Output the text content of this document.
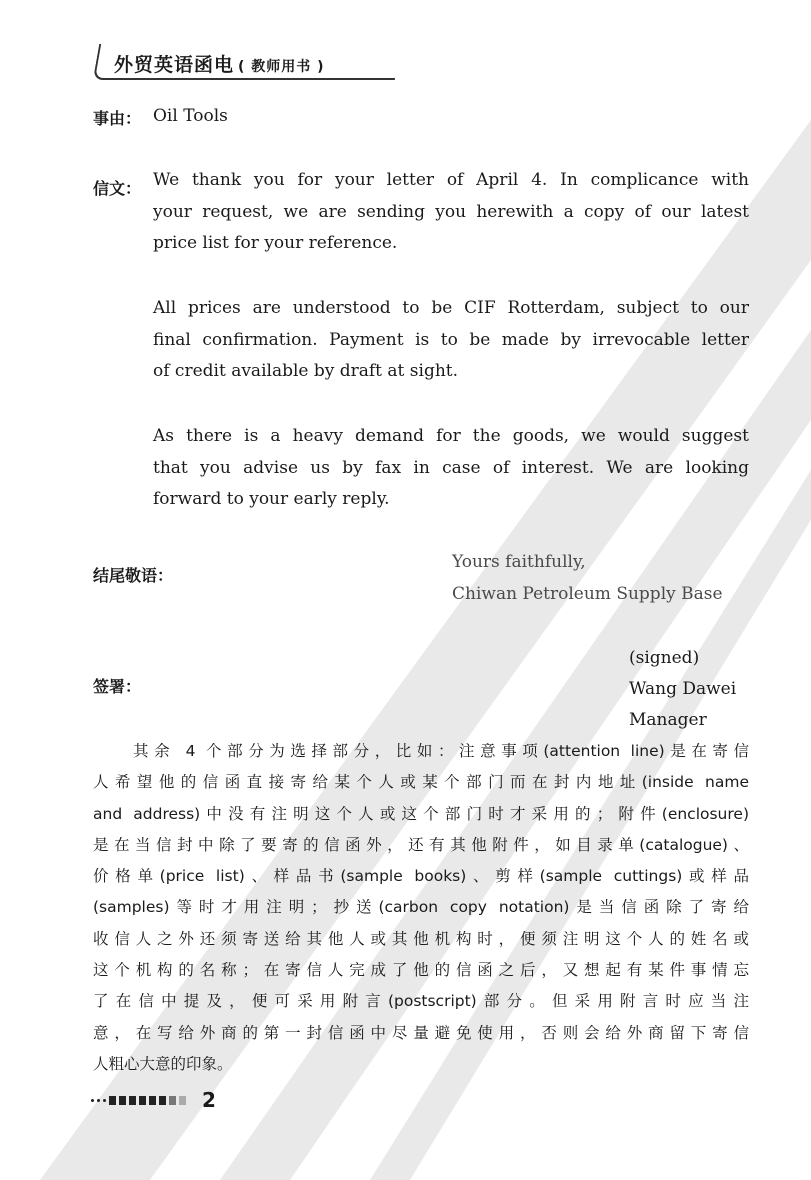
外贸英语函电 ( 教师用书 )
事由： Oil Tools
信文： We thank you for your letter of April 4. In complicance with
your request, we are sending you herewith a copy of our latest
price list for your reference.
All prices are understood to be CIF Rotterdam, subject to our
final confirmation. Payment is to be made by irrevocable letter
of credit available by draft at sight.
As there is a heavy demand for the goods, we would suggest
that you advise us by fax in case of interest. We are looking
forward to your early reply.
结尾敬语：
Yours faithfully,
Chiwan Petroleum Supply Base
签署：
(signed)
Wang Dawei
Manager
其余 4 个部分为选择部分，比如：注意事项(attention line)是在寄信
人希望他的信函直接寄给某个人或某个部门而在封内地址(inside name
and address)中没有注明这个人或这个部门时才采用的；附件(enclosure)
是在当信封中除了要寄的信函外，还有其他附件，如目录单(catalogue)、
价格单(price list)、样品书(sample books)、剪样(sample cuttings)或样品
(samples)等时才用注明；抄送(carbon copy notation)是当信函除了寄给
收信人之外还须寄送给其他人或其他机构时，便须注明这个人的姓名或
这个机构的名称；在寄信人完成了他的信函之后，又想起有某件事情忘
了在信中提及，便可采用附言(postscript)部分。但采用附言时应当注
意，在写给外商的第一封信函中尽量避免使用，否则会给外商留下寄信
人粗心大意的印象。
2
